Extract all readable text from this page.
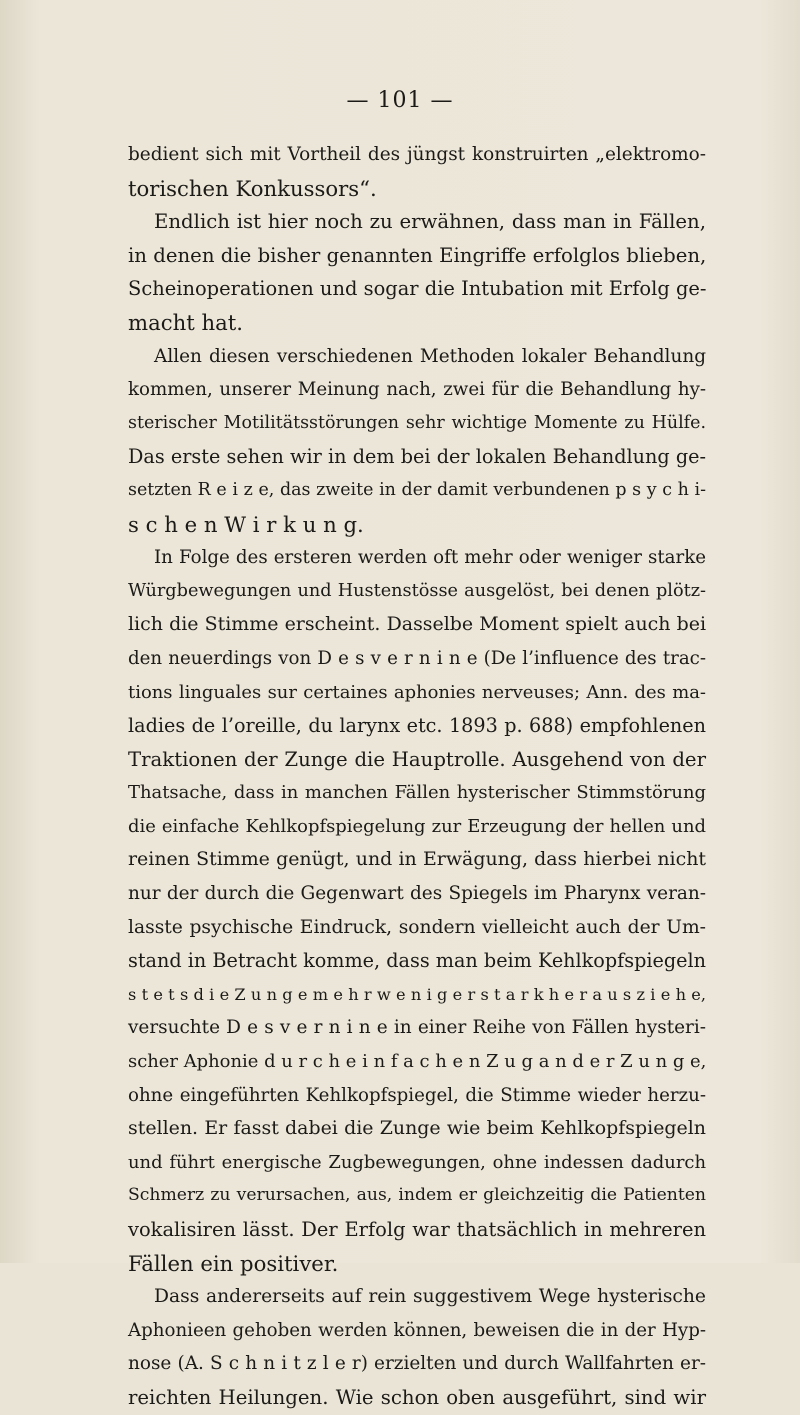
— 101 —
bedient sich mit Vortheil des jüngst konstruirten „elektromo-
torischen Konkussors“.
Endlich ist hier noch zu erwähnen, dass man in Fällen,
in denen die bisher genannten Eingriffe erfolglos blieben,
Scheinoperationen und sogar die Intubation mit Erfolg ge-
macht hat.
Allen diesen verschiedenen Methoden lokaler Behandlung
kommen, unserer Meinung nach, zwei für die Behandlung hy-
sterischer Motilitätsstörungen sehr wichtige Momente zu Hülfe.
Das erste sehen wir in dem bei der lokalen Behandlung ge-
setzten R e i z e, das zweite in der damit verbundenen p s y c h i-
s c h e n W i r k u n g.
In Folge des ersteren werden oft mehr oder weniger starke
Würgbewegungen und Hustenstösse ausgelöst, bei denen plötz-
lich die Stimme erscheint. Dasselbe Moment spielt auch bei
den neuerdings von D e s v e r n i n e (De l’influence des trac-
tions linguales sur certaines aphonies nerveuses; Ann. des ma-
ladies de l’oreille, du larynx etc. 1893 p. 688) empfohlenen
Traktionen der Zunge die Hauptrolle. Ausgehend von der
Thatsache, dass in manchen Fällen hysterischer Stimmstörung
die einfache Kehlkopfspiegelung zur Erzeugung der hellen und
reinen Stimme genügt, und in Erwägung, dass hierbei nicht
nur der durch die Gegenwart des Spiegels im Pharynx veran-
lasste psychische Eindruck, sondern vielleicht auch der Um-
stand in Betracht komme, dass man beim Kehlkopfspiegeln
s t e t s d i e Z u n g e m e h r w e n i g e r s t a r k h e r a u s z i e h e,
versuchte D e s v e r n i n e in einer Reihe von Fällen hysteri-
scher Aphonie d u r c h e i n f a c h e n Z u g a n d e r Z u n g e,
ohne eingeführten Kehlkopfspiegel, die Stimme wieder herzu-
stellen. Er fasst dabei die Zunge wie beim Kehlkopfspiegeln
und führt energische Zugbewegungen, ohne indessen dadurch
Schmerz zu verursachen, aus, indem er gleichzeitig die Patienten
vokalisiren lässt. Der Erfolg war thatsächlich in mehreren
Fällen ein positiver.
Dass andererseits auf rein suggestivem Wege hysterische
Aphonieen gehoben werden können, beweisen die in der Hyp-
nose (A. S c h n i t z l e r) erzielten und durch Wallfahrten er-
reichten Heilungen. Wie schon oben ausgeführt, sind wir
